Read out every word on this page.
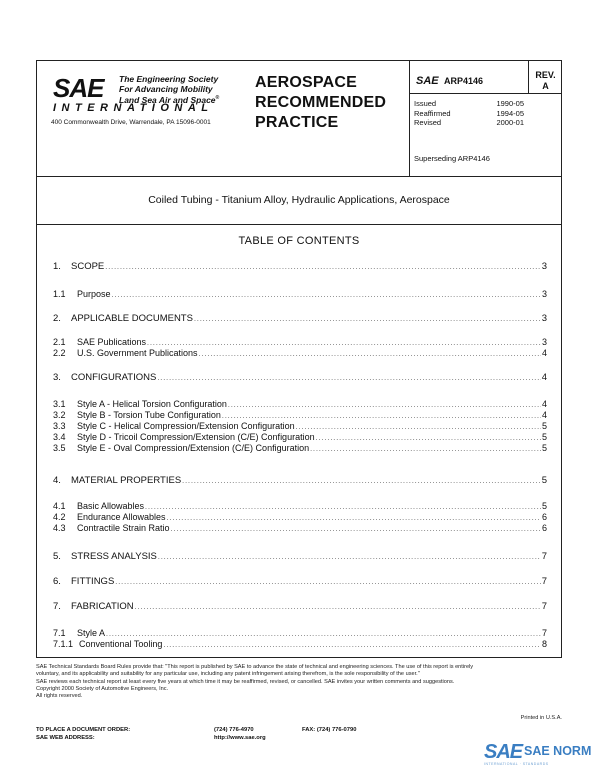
SAE The Engineering Society
For Advancing Mobility
Land Sea Air and Space®
INTERNATIONAL
400 Commonwealth Drive, Warrendale, PA 15096-0001
AEROSPACE
RECOMMENDED
PRACTICE
SAE ARP4146
REV.
A
Issued	1990-05
Reaffirmed	1994-05
Revised	2000-01
Superseding ARP4146
Coiled Tubing - Titanium Alloy, Hydraulic Applications, Aerospace
TABLE OF CONTENTS
1.	SCOPE .....	3
1.1	Purpose .....	3
2.	APPLICABLE DOCUMENTS .....	3
2.1	SAE Publications .....	3
2.2	U.S. Government Publications .....	4
3.	CONFIGURATIONS .....	4
3.1	Style A - Helical Torsion Configuration .....	4
3.2	Style B - Torsion Tube Configuration .....	4
3.3	Style C - Helical Compression/Extension Configuration .....	5
3.4	Style D - Tricoil Compression/Extension (C/E) Configuration .....	5
3.5	Style E - Oval Compression/Extension (C/E) Configuration .....	5
4.	MATERIAL PROPERTIES .....	5
4.1	Basic Allowables .....	5
4.2	Endurance Allowables .....	6
4.3	Contractile Strain Ratio .....	6
5.	STRESS ANALYSIS .....	7
6.	FITTINGS .....	7
7.	FABRICATION .....	7
7.1	Style A .....	7
7.1.1 Conventional Tooling .....	8

SAE Technical Standards Board Rules provide that: "This report is published by SAE to advance the state of technical and engineering sciences. The use of this report is entirely

voluntary, and its applicability and suitability for any particular use, including any patent infringement arising therefrom, is the sole responsibility of the user."

SAE reviews each technical report at least every five years at which time it may be reaffirmed, revised, or cancelled. SAE invites your written comments and suggestions.

Copyright 2000 Society of Automotive Engineers, Inc.

All rights reserved.

Printed in U.S.A.
TO PLACE A DOCUMENT ORDER:	(724) 776-4970	FAX: (724) 776-0790
SAE WEB ADDRESS:	http://www.sae.org
SAE SAE NORM
INTERNATIONAL · STANDARDS
